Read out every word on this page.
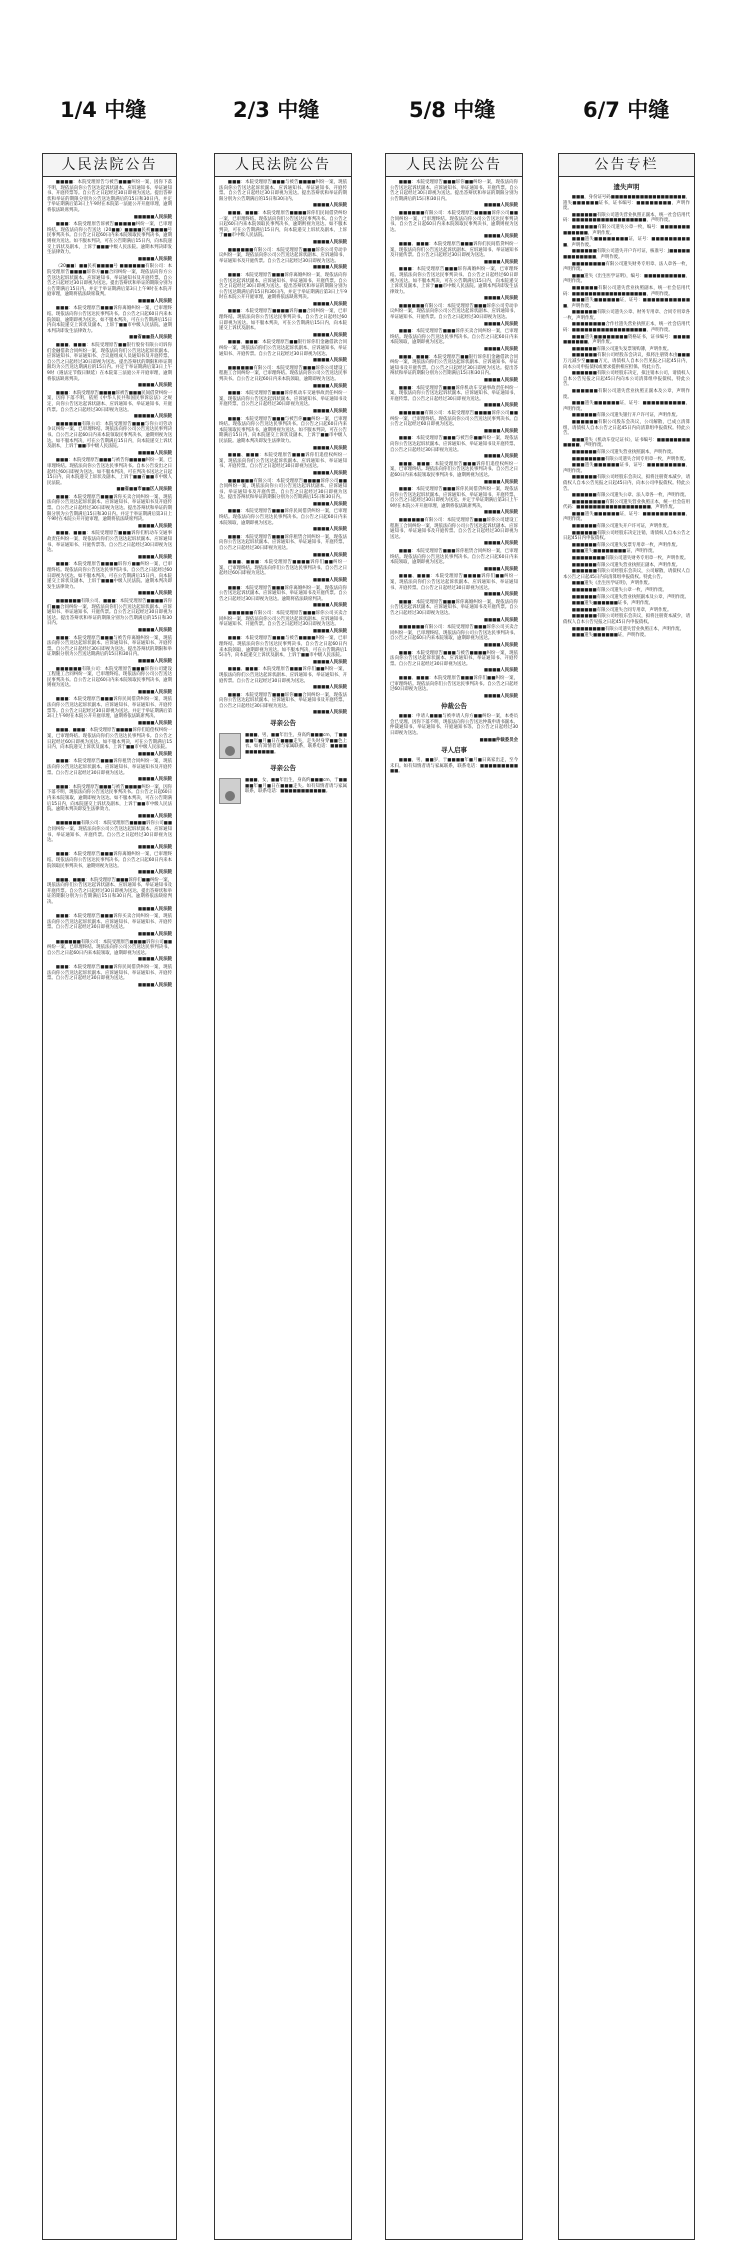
1/4 中缝	2/3 中缝	5/8 中缝	6/7 中缝
人民法院公告

■■■■：本院受理原告与被告■■■纠纷一案，因你下落不明，现依法向你公告送达起诉状副本、应诉通知书、举证通知书、开庭传票等。自公告之日起经过30日即视为送达。提出答辩状和举证的期限分别为公告送达期满后的15日和30日内。并定于举证期满后第3日上午9时在本院第一法庭公开开庭审理，逾期将依法缺席判决。

■■■■■人民法院

■■■：本院受理原告诉被告■■■■■纠纷一案，已审理终结。现依法向你公告送达（20■■）■■■■民初■■■■号民事判决书。自公告之日起60日内来本院领取民事判决书，逾期则视为送达。如不服本判决，可在公告期满后15日内，向本院递交上诉状及副本，上诉于■■■中级人民法院。逾期本判决即发生法律效力。

■■■■人民法院

（20■■）■■民初■■■■号 ■■■■■■有限公司：本院受理原告■■■■诉你方■■合同纠纷一案，现依法向你方公告送达起诉状副本、应诉通知书、举证通知书及开庭传票。自公告之日起经过30日即视为送达。提出答辩状和举证的期限分别为公告期满后15日内。并定于举证期满后第3日上午9时在本院开庭审理，逾期将依法缺席裁判。

■■■■人民法院

■■■：本院受理原告■■■诉你离婚纠纷一案，已审理终结。现依法向你公告送达民事判决书。自公告之日起60日内来本院领取，逾期即视为送达。如不服本判决，可在公告期满后15日内向本院递交上诉状及副本，上诉于■■市中级人民法院。逾期本判决即发生法律效力。

■■省■■县人民法院

■■■、■■■：本院受理原告■■银行股份有限公司诉你们金融借款合同纠纷一案，现依法向你们公告送达起诉状副本、应诉通知书、举证通知书、合议庭组成人员通知书及开庭传票。自公告之日起经过30日即视为送达。提出答辩状的期限和举证期限均为公告送达期满后的15日内。并定于举证期满后第3日上午9时（遇法定节假日顺延）在本院第三法庭公开开庭审理，逾期将依法缺席判决。

■■■■人民法院

■■■：本院受理原告■■■■诉被告■■■民间借贷纠纷一案，因你下落不明，依照《中华人民共和国民事诉讼法》之规定，向你公告送达起诉状副本、应诉通知书、举证通知书、开庭传票。自公告之日起经过30日即视为送达。

■■■■■人民法院

■■■■■■有限公司：本院受理原告■■■与你公司劳动争议纠纷一案，已审理终结。现依法向你公司公告送达民事判决书。自公告之日起60日内来本院领取民事判决书，逾期则视为送达。如不服本判决，可在公告期满后15日内，向本院递交上诉状及副本，上诉于■■市中级人民法院。

■■■■人民法院

■■■：本院受理原告■■■与被告你■■■■纠纷一案，已审理终结。现依法向你公告送达民事判决书。自本公告发出之日起经过60日即视为送达。如不服本判决，可在判决书送达之日起15日内，向本院递交上诉状及副本，上诉于■■省■■市中级人民法院。

■■省■■市■■区人民法院

■■■：本院受理原告■■■诉你买卖合同纠纷一案，现依法向你公告送达起诉状副本、应诉通知书、举证通知书及开庭传票。自公告之日起经过30日即视为送达。提出答辩状和举证的期限分别为公告期满后15日和30日内。并定于举证期满后第3日上午9时在本院公开开庭审理，逾期将依法缺席判决。

■■■■人民法院

■■■、■■■：本院受理原告■■■诉你们机动车交通事故责任纠纷一案，现依法向你们公告送达起诉状副本、应诉通知书、举证通知书、开庭传票等。自公告之日起经过30日即视为送达。

■■■■人民法院

■■■：本院受理原告■■■■诉你方■■纠纷一案，已审理终结。现依法向你公告送达民事判决书。自公告之日起经过60日即视为送达。如不服本判决，可在公告期满后15日内，向本院递交上诉状及副本，上诉于■■■中级人民法院。逾期本判决即发生法律效力。

■■■■人民法院

■■■■■■有限公司、■■■：本院受理原告■■■■诉你们■■合同纠纷一案，现依法向你们公告送达起诉状副本、应诉通知书、举证通知书、开庭传票。自公告之日起经过30日即视为送达。提出答辩状和举证的期限分别为公告期满后的15日和30日内。

■■■■人民法院

■■■：本院受理原告■■■与被告你离婚纠纷一案，现依法向你公告送达起诉状副本、应诉通知书、举证通知书、开庭传票。自公告之日起经过30日即视为送达。提出答辩状的期限和举证期限分别为公告送达期满后的15日和30日内。

■■■■人民法院

■■■■■■有限公司：本院受理原告■■■诉你公司建设工程施工合同纠纷一案，已审理终结。现依法向你公司公告送达民事判决书。自公告之日起60日内来本院领取民事判决书，逾期则视为送达。

■■■■人民法院

■■■：本院受理原告■■■诉你民间借贷纠纷一案，现依法向你公告送达起诉状副本、应诉通知书、举证通知书、开庭传票等。自公告之日起经过30日即视为送达。并定于举证期满后第3日上午9时在本院公开开庭审理，逾期将依法缺席判决。

■■■■人民法院

■■■、■■■：本院受理原告■■■■诉你们追偿权纠纷一案，已审理终结。现依法向你们公告送达民事判决书。自公告之日起经过60日即视为送达。如不服本判决，可在公告期满后15日内，向本院递交上诉状及副本，上诉于■■市中级人民法院。

■■■■人民法院

■■■：本院受理原告■■■诉你租赁合同纠纷一案，现依法向你公告送达起诉状副本、应诉通知书、举证通知书及开庭传票。自公告之日起经过30日即视为送达。

■■■■人民法院

■■■：本院受理原告■■■与被告■■■■纠纷一案，因你下落不明，现依法向你公告送达民事判决书。自公告之日起60日内来本院领取，逾期即视为送达。如不服本判决，可在公告期满后15日内，向本院递交上诉状及副本，上诉于■■市中级人民法院。逾期本判决即发生法律效力。

■■■■人民法院

■■■■■■有限公司：本院受理原告■■■■诉你公司■■合同纠纷一案，现依法向你公司公告送达起诉状副本、应诉通知书、举证通知书、开庭传票。自公告之日起经过30日即视为送达。

■■■■人民法院

■■■：本院受理原告■■■诉你离婚纠纷一案，已审理终结。现依法向你公告送达民事判决书。自公告之日起60日内来本院领取民事判决书，逾期则视为送达。

■■■■人民法院

■■■、■■■：本院受理原告■■■诉你们■■纠纷一案，现依法向你们公告送达起诉状副本、应诉通知书、举证通知书及开庭传票。自公告之日起经过30日即视为送达。提出答辩状和举证的期限分别为公告期满后15日和30日内。逾期将依法缺席判决。

■■■■人民法院

■■■：本院受理原告■■■诉你买卖合同纠纷一案，现依法向你公告送达起诉状副本、应诉通知书、举证通知书、开庭传票。自公告之日起经过30日即视为送达。

■■■■人民法院

■■■■■■有限公司：本院受理原告■■■■诉你公司■■纠纷一案，已审理终结。现依法向你公司公告送达民事判决书。自公告之日起60日内来本院领取，逾期即视为送达。

■■■■人民法院

■■■：本院受理原告■■■诉你民间借贷纠纷一案，现依法向你公告送达起诉状副本、应诉通知书、举证通知书、开庭传票。自公告之日起经过30日即视为送达。

■■■■人民法院

人民法院公告

■■■：本院受理原告■■■与被告■■■■纠纷一案，现依法向你公告送达起诉状副本、应诉通知书、举证通知书、开庭传票。自公告之日起经过30日即视为送达。提出答辩状和举证的期限分别为公告期满后的15日和30日内。

■■■■人民法院

■■■、■■■：本院受理原告■■■■诉你们民间借贷纠纷一案，已审理终结。现依法向你们公告送达民事判决书。自公告之日起60日内来本院领取民事判决书，逾期则视为送达。如不服本判决，可在公告期满后15日内，向本院递交上诉状及副本，上诉于■■市中级人民法院。

■■■■人民法院

■■■■■■有限公司：本院受理原告■■■诉你公司劳动争议纠纷一案，现依法向你公司公告送达起诉状副本、应诉通知书、举证通知书及开庭传票。自公告之日起经过30日即视为送达。

■■■■人民法院

■■■：本院受理原告■■■诉你离婚纠纷一案，现依法向你公告送达起诉状副本、应诉通知书、举证通知书、开庭传票。自公告之日起经过30日即视为送达。提出答辩状和举证的期限分别为公告送达期满后的15日和30日内。并定于举证期满后第3日上午9时在本院公开开庭审理，逾期将依法缺席判决。

■■■■人民法院

■■■：本院受理原告■■■■诉你■■合同纠纷一案，已审理终结。现依法向你公告送达民事判决书。自公告之日起经过60日即视为送达。如不服本判决，可在公告期满后15日内，向本院递交上诉状及副本。

■■■■人民法院

■■■、■■■：本院受理原告■■银行诉你们金融借款合同纠纷一案，现依法向你们公告送达起诉状副本、应诉通知书、举证通知书、开庭传票。自公告之日起经过30日即视为送达。

■■■■人民法院

■■■■■■有限公司：本院受理原告■■■诉你公司建设工程施工合同纠纷一案，已审理终结。现依法向你公司公告送达民事判决书。自公告之日起60日内来本院领取，逾期即视为送达。

■■■■人民法院

■■■：本院受理原告■■■诉你机动车交通事故责任纠纷一案，现依法向你公告送达起诉状副本、应诉通知书、举证通知书及开庭传票。自公告之日起经过30日即视为送达。

■■■■人民法院

■■■：本院受理原告■■■与被告你■■纠纷一案，已审理终结。现依法向你公告送达民事判决书。自公告之日起60日内来本院领取民事判决书，逾期则视为送达。如不服本判决，可在公告期满后15日内，向本院递交上诉状及副本，上诉于■■市中级人民法院。逾期本判决即发生法律效力。

■■■■人民法院

■■■、■■■：本院受理原告■■■诉你们追偿权纠纷一案，现依法向你们公告送达起诉状副本、应诉通知书、举证通知书、开庭传票。自公告之日起经过30日即视为送达。

■■■■人民法院

■■■■■■有限公司：本院受理原告■■■■诉你公司■■合同纠纷一案，现依法向你公司公告送达起诉状副本、应诉通知书、举证通知书及开庭传票。自公告之日起经过30日即视为送达。提出答辩状和举证的期限分别为公告期满后15日和30日内。

■■■■人民法院

■■■：本院受理原告■■■诉你民间借贷纠纷一案，已审理终结。现依法向你公告送达民事判决书。自公告之日起60日内来本院领取，逾期即视为送达。

■■■■人民法院

■■■：本院受理原告■■■诉你租赁合同纠纷一案，现依法向你公告送达起诉状副本、应诉通知书、举证通知书、开庭传票。自公告之日起经过30日即视为送达。

■■■■人民法院

■■■、■■■：本院受理原告■■■■诉你们■■纠纷一案，已审理终结。现依法向你们公告送达民事判决书。自公告之日起经过60日即视为送达。

■■■■人民法院

■■■：本院受理原告■■■诉你离婚纠纷一案，现依法向你公告送达起诉状副本、应诉通知书、举证通知书及开庭传票。自公告之日起经过30日即视为送达。逾期将依法缺席判决。

■■■■人民法院

■■■■■■有限公司：本院受理原告■■■诉你公司买卖合同纠纷一案，现依法向你公司公告送达起诉状副本、应诉通知书、举证通知书、开庭传票。自公告之日起经过30日即视为送达。

■■■■人民法院

■■■：本院受理原告■■■与被告■■■■纠纷一案，已审理终结。现依法向你公告送达民事判决书。自公告之日起60日内来本院领取，逾期即视为送达。如不服本判决，可在公告期满后15日内，向本院递交上诉状及副本，上诉于■■市中级人民法院。

■■■■人民法院

■■■、■■■：本院受理原告■■■诉你们■■纠纷一案，现依法向你们公告送达起诉状副本、应诉通知书、举证通知书、开庭传票。自公告之日起经过30日即视为送达。

■■■■人民法院

■■■：本院受理原告■■■诉你■■合同纠纷一案，现依法向你公告送达起诉状副本、应诉通知书、举证通知书及开庭传票。自公告之日起经过30日即视为送达。

■■■■人民法院

寻亲公告

■■■，男，■■年出生，身高约■■■cm，于■■■■年■月■日在■■■走失，走失时身穿■■色上衣。如有知情者请与家属联系，联系电话：■■■■■■■■■■■。

寻亲公告

■■■，女，■■年出生，身高约■■■cm，于■■■■年■月■日在■■■走失。如有知情者请与家属联系，联系电话：■■■■■■■■■■■。
人民法院公告

■■■：本院受理原告■■■诉你■■纠纷一案，现依法向你公告送达起诉状副本、应诉通知书、举证通知书、开庭传票。自公告之日起经过30日即视为送达。提出答辩状和举证的期限分别为公告期满后的15日和30日内。

■■■■人民法院

■■■■■■有限公司：本院受理原告■■■■诉你公司■■合同纠纷一案，已审理终结。现依法向你公司公告送达民事判决书。自公告之日起60日内来本院领取民事判决书，逾期则视为送达。

■■■■人民法院

■■■、■■■：本院受理原告■■■诉你们民间借贷纠纷一案，现依法向你们公告送达起诉状副本、应诉通知书、举证通知书及开庭传票。自公告之日起经过30日即视为送达。

■■■■人民法院

■■■：本院受理原告■■■诉你离婚纠纷一案，已审理终结。现依法向你公告送达民事判决书。自公告之日起经过60日即视为送达。如不服本判决，可在公告期满后15日内，向本院递交上诉状及副本，上诉于■■市中级人民法院。逾期本判决即发生法律效力。

■■■■人民法院

■■■■■■有限公司：本院受理原告■■■诉你公司劳动争议纠纷一案，现依法向你公司公告送达起诉状副本、应诉通知书、举证通知书、开庭传票。自公告之日起经过30日即视为送达。

■■■■人民法院

■■■：本院受理原告■■■诉你买卖合同纠纷一案，已审理终结。现依法向你公告送达民事判决书。自公告之日起60日内来本院领取，逾期即视为送达。

■■■■人民法院

■■■、■■■：本院受理原告■■银行诉你们金融借款合同纠纷一案，现依法向你们公告送达起诉状副本、应诉通知书、举证通知书及开庭传票。自公告之日起经过30日即视为送达。提出答辩状和举证的期限分别为公告期满后15日和30日内。

■■■■人民法院

■■■：本院受理原告■■■诉你机动车交通事故责任纠纷一案，现依法向你公告送达起诉状副本、应诉通知书、举证通知书、开庭传票。自公告之日起经过30日即视为送达。

■■■■人民法院

■■■■■■有限公司：本院受理原告■■■■诉你公司■■纠纷一案，已审理终结。现依法向你公司公告送达民事判决书。自公告之日起经过60日即视为送达。

■■■■人民法院

■■■：本院受理原告■■■与被告你■■纠纷一案，现依法向你公告送达起诉状副本、应诉通知书、举证通知书及开庭传票。自公告之日起经过30日即视为送达。

■■■■人民法院

■■■、■■■：本院受理原告■■■诉你们追偿权纠纷一案，已审理终结。现依法向你们公告送达民事判决书。自公告之日起60日内来本院领取民事判决书，逾期则视为送达。

■■■■人民法院

■■■：本院受理原告■■■诉你民间借贷纠纷一案，现依法向你公告送达起诉状副本、应诉通知书、举证通知书、开庭传票。自公告之日起经过30日即视为送达。并定于举证期满后第3日上午9时在本院公开开庭审理，逾期将依法缺席判决。

■■■■人民法院

■■■■■■有限公司：本院受理原告■■■诉你公司建设工程施工合同纠纷一案，现依法向你公司公告送达起诉状副本、应诉通知书、举证通知书及开庭传票。自公告之日起经过30日即视为送达。

■■■■人民法院

■■■：本院受理原告■■■诉你租赁合同纠纷一案，已审理终结。现依法向你公告送达民事判决书。自公告之日起60日内来本院领取，逾期即视为送达。

■■■■人民法院

■■■、■■■：本院受理原告■■■■诉你们■■纠纷一案，现依法向你们公告送达起诉状副本、应诉通知书、举证通知书、开庭传票。自公告之日起经过30日即视为送达。

■■■■人民法院

■■■：本院受理原告■■■诉你离婚纠纷一案，现依法向你公告送达起诉状副本、应诉通知书、举证通知书及开庭传票。自公告之日起经过30日即视为送达。

■■■■人民法院

■■■■■■有限公司：本院受理原告■■■诉你公司买卖合同纠纷一案，已审理终结。现依法向你公司公告送达民事判决书。自公告之日起60日内来本院领取，逾期即视为送达。

■■■■人民法院

■■■：本院受理原告■■■与被告■■■■纠纷一案，现依法向你公告送达起诉状副本、应诉通知书、举证通知书、开庭传票。自公告之日起经过30日即视为送达。

■■■■人民法院

■■■、■■■：本院受理原告■■■诉你们■■纠纷一案，已审理终结。现依法向你们公告送达民事判决书。自公告之日起经过60日即视为送达。

■■■■人民法院

仲裁公告

■■■：申请人■■■与被申请人你方■■纠纷一案，本委员会已受理。因你下落不明，现依法向你公告送达仲裁申请书副本、仲裁通知书、举证通知书、开庭通知书等。自公告之日起经过30日即视为送达。

■■■■仲裁委员会

寻人启事

■■■，男，■■岁，于■■■■年■月■日离家出走，至今未归。如有知情者请与家属联系，联系电话：■■■■■■■■■■■。

公告专栏

遗失声明

■■■，身份证号码■■■■■■■■■■■■■■■■■■，遗失■■■■■■证书，证书编号：■■■■■■■■，声明作废。

■■■■■■有限公司遗失营业执照正副本，统一社会信用代码：■■■■■■■■■■■■■■■■■■，声明作废。

■■■■■■有限公司遗失公章一枚，编号：■■■■■■■■■■■■■，声明作废。

■■■遗失■■■■■■■■证，证号：■■■■■■■■■■，声明作废。

■■■■■■有限公司遗失开户许可证，核准号：J■■■■■■■■■■■■■，声明作废。

■■■■■■■■有限公司遗失财务专用章、法人章各一枚，声明作废。

■■■遗失《出生医学证明》，编号：■■■■■■■■■■，声明作废。

■■■■■■有限公司遗失营业执照副本，统一社会信用代码：■■■■■■■■■■■■■■■■■■，声明作废。

■■■遗失■■■■■■证，证号：■■■■■■■■■■■■，声明作废。

■■■■■■有限公司遗失公章、财务专用章、合同专用章各一枚，声明作废。

■■■■■■■■合作社遗失营业执照正本，统一社会信用代码：■■■■■■■■■■■■■■■■■■，声明作废。

■■■遗失■■■■■■■■资格证书，证书编号：■■■■■■■■■■，声明作废。

■■■■■■有限公司遗失发票领购簿，声明作废。

■■■■■■有限公司经股东会决议，拟将注册资本由■■■万元减少至■■■万元，请债权人自本公告见报之日起45日内，向本公司申报债权或要求提供相应担保。特此公告。

■■■■■■有限公司经股东决定，拟注销本公司，请债权人自本公告见报之日起45日内向本公司清算组申报债权。特此公告。

■■■■■■有限公司遗失营业执照正副本及公章，声明作废。

■■■遗失■■■■■■证，证号：■■■■■■■■■■，声明作废。

■■■■■■有限公司遗失银行开户许可证，声明作废。

■■■■■■有限公司股东会决议，公司解散，已成立清算组，请债权人自本公告之日起45日内向清算组申报债权。特此公告。

■■■遗失《机动车登记证书》，证书编号：■■■■■■■■■■■■，声明作废。

■■■■■■有限公司遗失营业执照副本，声明作废。

■■■■■■■■有限公司遗失合同专用章一枚，声明作废。

■■■遗失■■■■■■证书，证号：■■■■■■■■■，声明作废。

■■■■■■有限公司经股东会决议，拟将注册资本减少，请债权人自本公告见报之日起45日内，向本公司申报债权。特此公告。

■■■■■■有限公司遗失公章、法人章各一枚，声明作废。

■■■■■■■■有限公司遗失营业执照正本，统一社会信用代码：■■■■■■■■■■■■■■■■■■，声明作废。

■■■遗失■■■■■■证，证号：■■■■■■■■■■，声明作废。

■■■■■■有限公司遗失开户许可证，声明作废。

■■■■■■有限公司经股东决定注销，请债权人自本公告之日起45日内申报债权。

■■■■■■有限公司遗失发票专用章一枚，声明作废。

■■■遗失■■■■■■■■证，声明作废。

■■■■■■■■有限公司遗失财务专用章一枚，声明作废。

■■■■■■有限公司遗失营业执照正副本，声明作废。

■■■■■■有限公司经股东会决议，公司解散，请债权人自本公告之日起45日内向清算组申报债权。特此公告。

■■■遗失《出生医学证明》，声明作废。

■■■■■■有限公司遗失公章一枚，声明作废。

■■■■■■有限公司遗失营业执照副本及公章，声明作废。

■■■遗失■■■■■■证书，声明作废。

■■■■■■有限公司遗失合同专用章，声明作废。

■■■■■■有限公司经股东会决议，拟将注册资本减少，请债权人自本公告见报之日起45日内申报债权。

■■■■■■■■有限公司遗失营业执照正本，声明作废。

■■■遗失■■■■■■证，声明作废。
